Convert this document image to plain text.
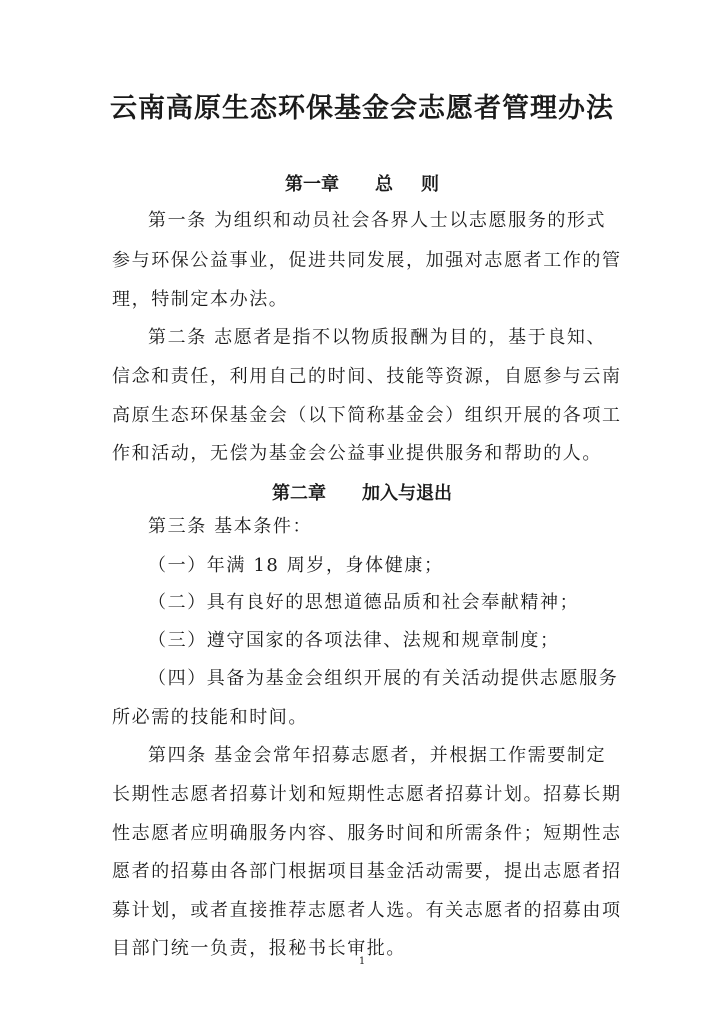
云南高原生态环保基金会志愿者管理办法
第一章 总 则

第一条 为组织和动员社会各界人士以志愿服务的形式

参与环保公益事业，促进共同发展，加强对志愿者工作的管

理，特制定本办法。

第二条 志愿者是指不以物质报酬为目的，基于良知、

信念和责任，利用自己的时间、技能等资源，自愿参与云南

高原生态环保基金会（以下简称基金会）组织开展的各项工

作和活动，无偿为基金会公益事业提供服务和帮助的人。

第二章 加入与退出

第三条 基本条件：

（一）年满 18 周岁，身体健康；

（二）具有良好的思想道德品质和社会奉献精神；

（三）遵守国家的各项法律、法规和规章制度；

（四）具备为基金会组织开展的有关活动提供志愿服务

所必需的技能和时间。

第四条 基金会常年招募志愿者，并根据工作需要制定

长期性志愿者招募计划和短期性志愿者招募计划。招募长期

性志愿者应明确服务内容、服务时间和所需条件；短期性志

愿者的招募由各部门根据项目基金活动需要，提出志愿者招

募计划，或者直接推荐志愿者人选。有关志愿者的招募由项

目部门统一负责，报秘书长审批。

1
